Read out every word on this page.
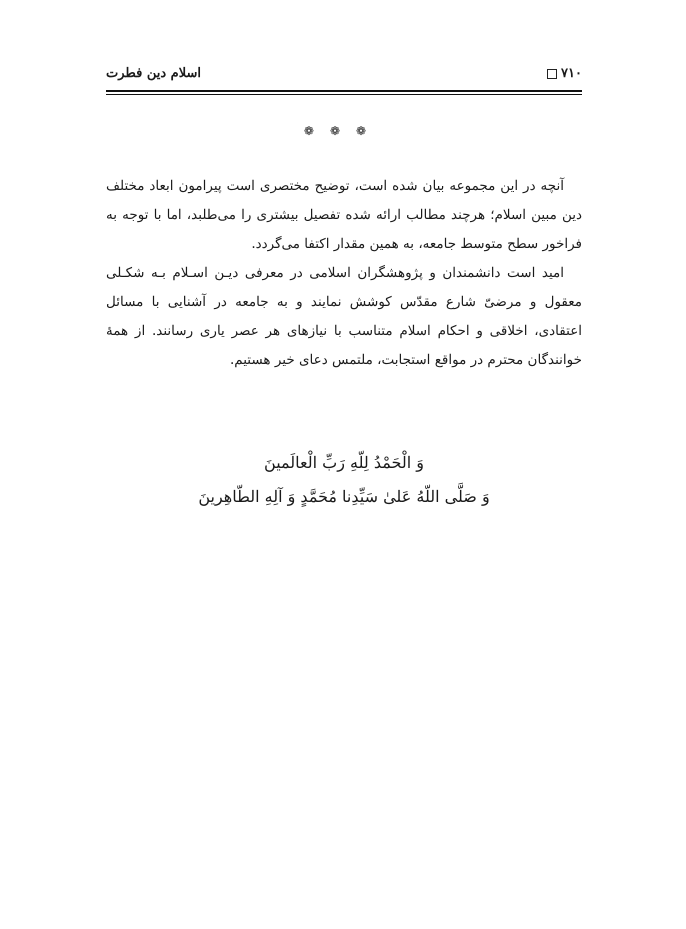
اسلام دین فطرت	۷۱۰
❁❁❁

آنچه در این مجموعه بیان شده است، توضیح مختصری است پیرامون ابعاد مختلف دین مبین اسلام؛ هرچند مطالب ارائه شده تفصیل بیشتری را می‌طلبد، اما با توجه به فراخور سطح متوسط جامعه، به همین مقدار اکتفا می‌گردد.

امید است دانشمندان و پژوهشگران اسلامی در معرفی دیـن اسـلام بـه شکـلی معقول و مرضیّ شارع مقدّس کوشش نمایند و به جامعه در آشنایی با مسائل اعتقادی، اخلاقی و احکام اسلام متناسب با نیازهای هر عصر یاری رسانند. از همهٔ خوانندگان محترم در مواقع استجابت، ملتمس دعای خیر هستیم.

وَ الْحَمْدُ لِلّهِ رَبِّ الْعالَمینَ
وَ صَلَّی اللّهُ عَلیٰ سَیِّدِنا مُحَمَّدٍ وَ آلِهِ الطّاهِرینَ
